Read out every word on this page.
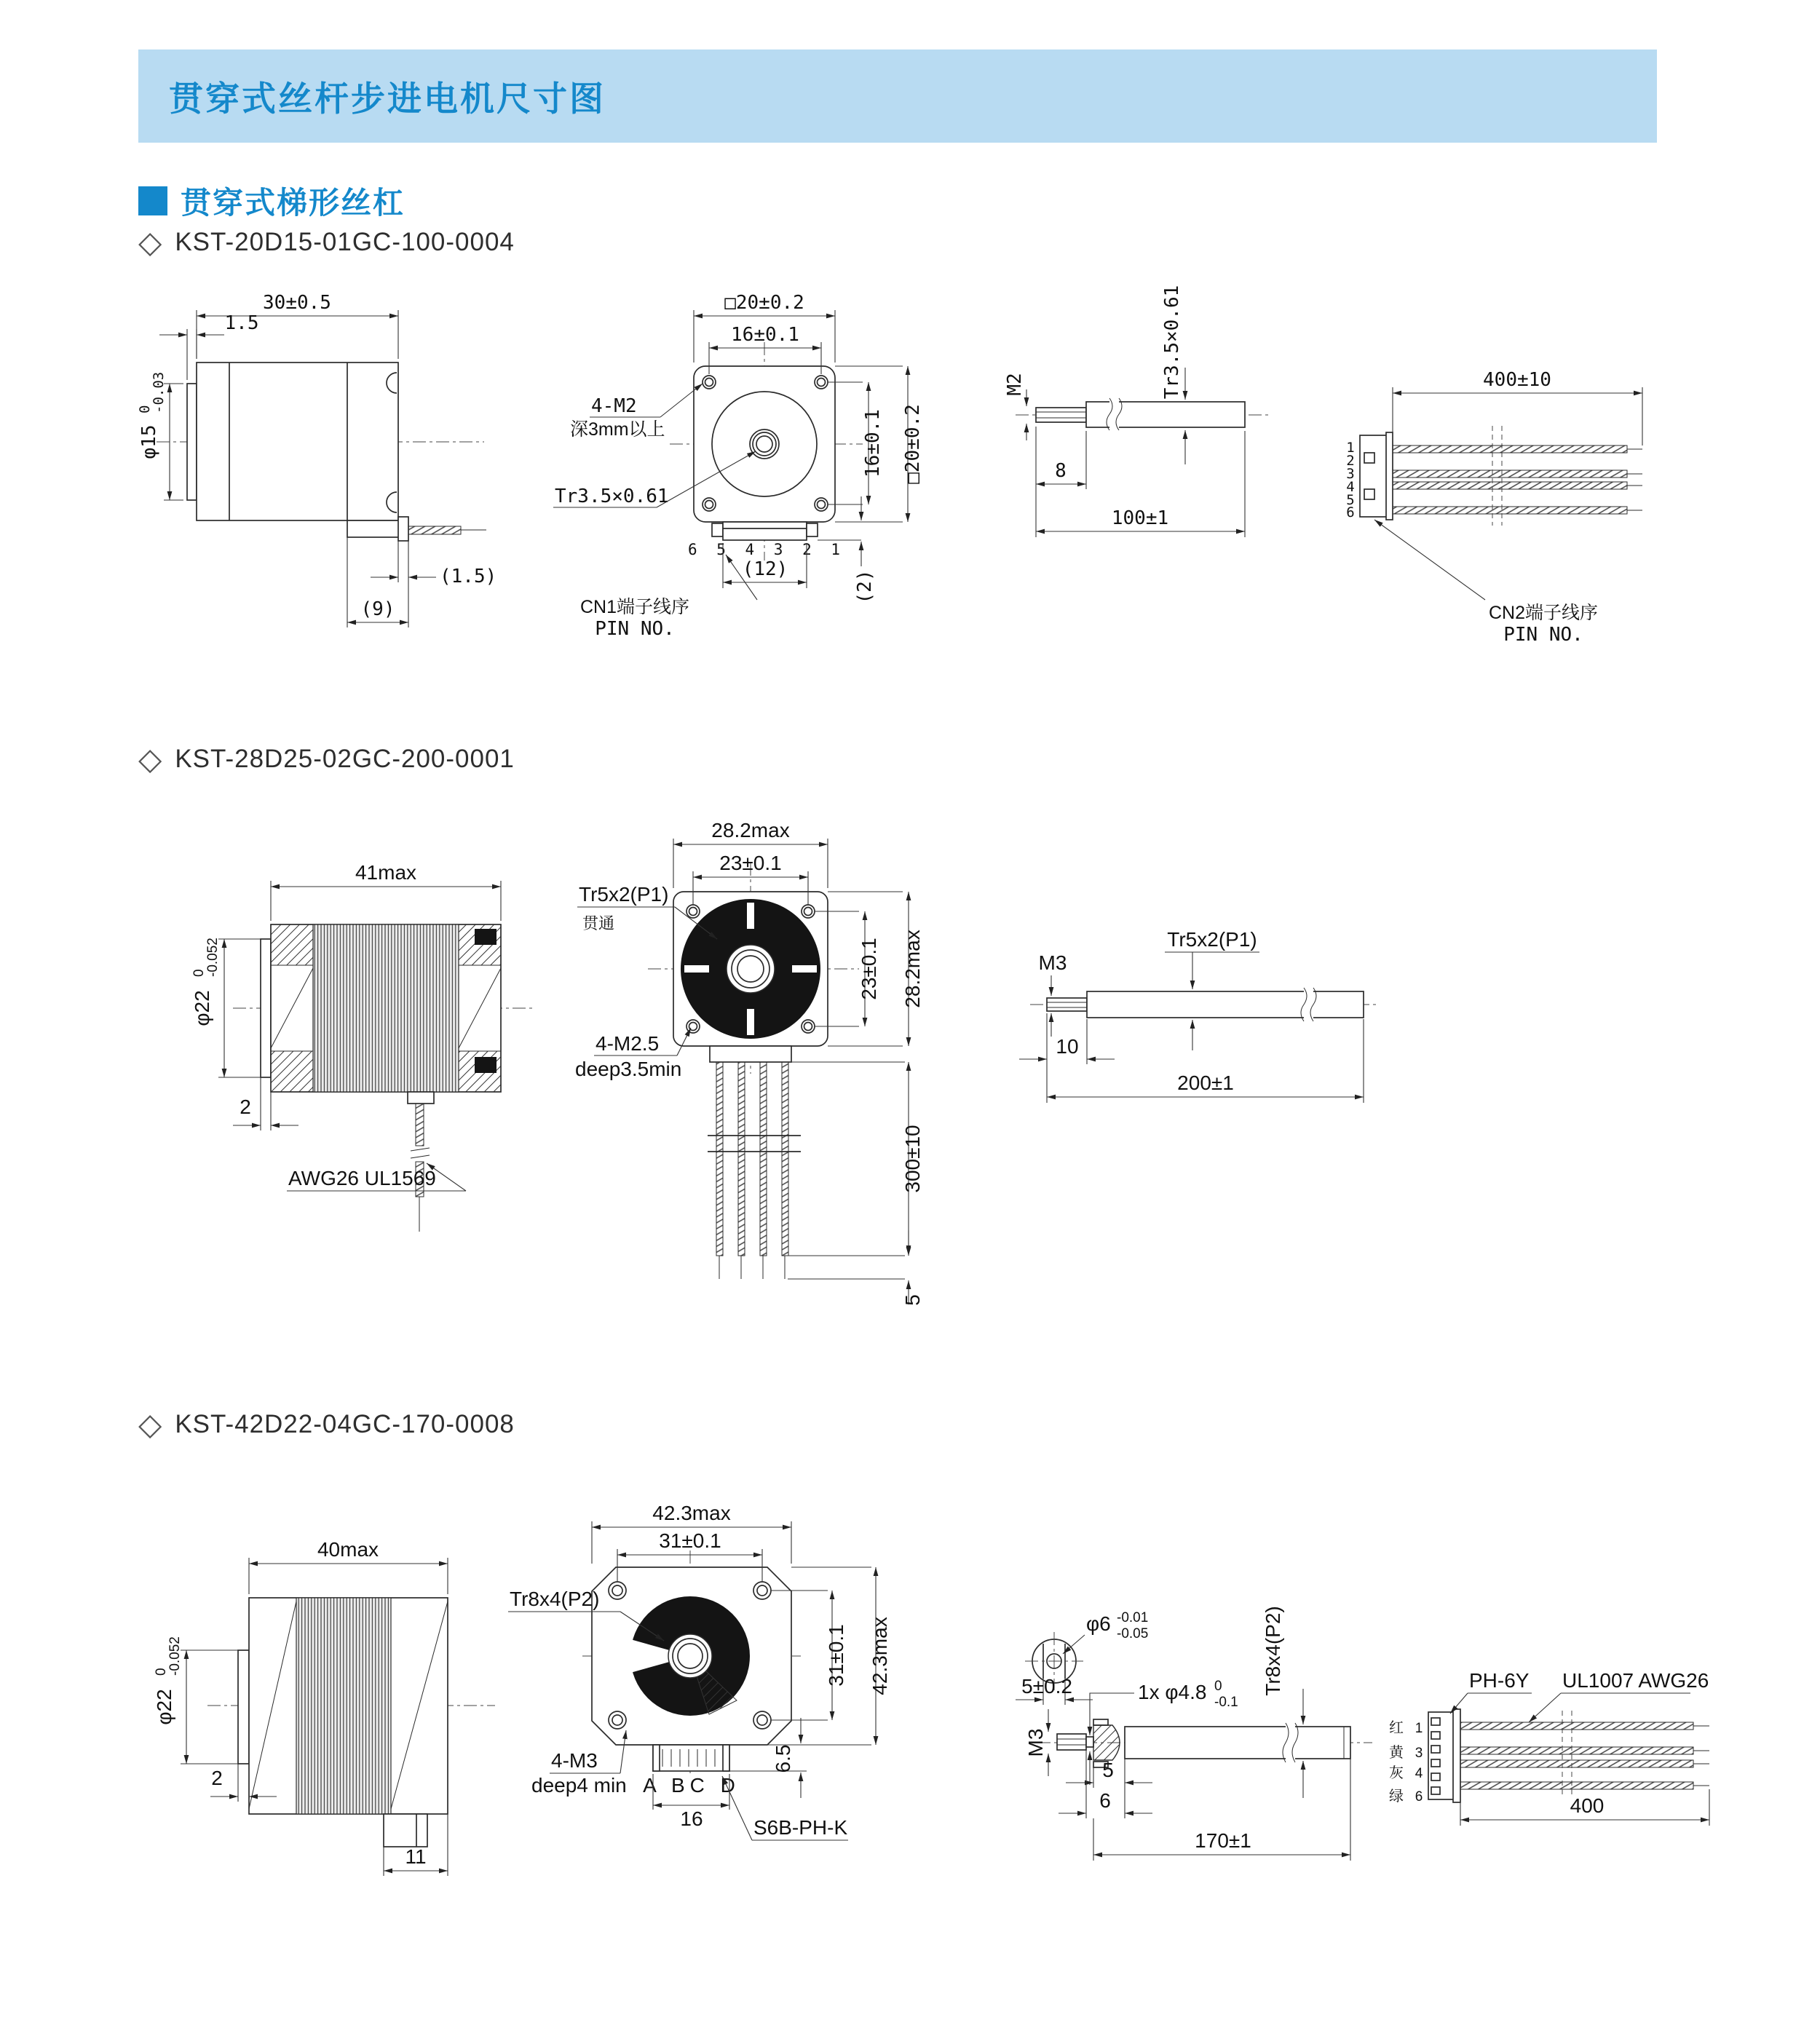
贯穿式丝杆步进电机尺寸图
贯穿式梯形丝杠
◇ KST-20D15-01GC-100-0004
◇ KST-28D25-02GC-200-0001
◇ KST-42D22-04GC-170-0008
30±0.5
1.5
φ15
0
-0.03
(1.5)
(9)
□20±0.2
16±0.1
4-M2
深3mm以上
Tr3.5×0.61
16±0.1 □20±0.2
6 5 4 3 2 1
(12)
(2)
CN1端子线序
PIN NO.
M2	Tr3.5×0.61
8
100±1
1
2
3
4
5
6
400±10
CN2端子线序
PIN NO.
41max
φ22
0
-0.052
2
AWG26 UL1569
28.2max
23±0.1
Tr5x2(P1)
贯通
4-M2.5
deep3.5min
23±0.1 28.2max
300±10
5
M3
Tr5x2(P1)
10
200±1
40max
φ22
0
-0.052
2
11
42.3max
31±0.1
Tr8x4(P2)
4-M3
deep4 min
31±0.1 42.3max
A BC D
16
6.5
S6B-PH-K
φ6 -0.01
-0.05
5±0.2	1x φ4.8 0
-0.1
M3
Tr8x4(P2)
5
6
170±1
红
黄
灰
绿
1
3
4
6
PH-6Y UL1007 AWG26
400
